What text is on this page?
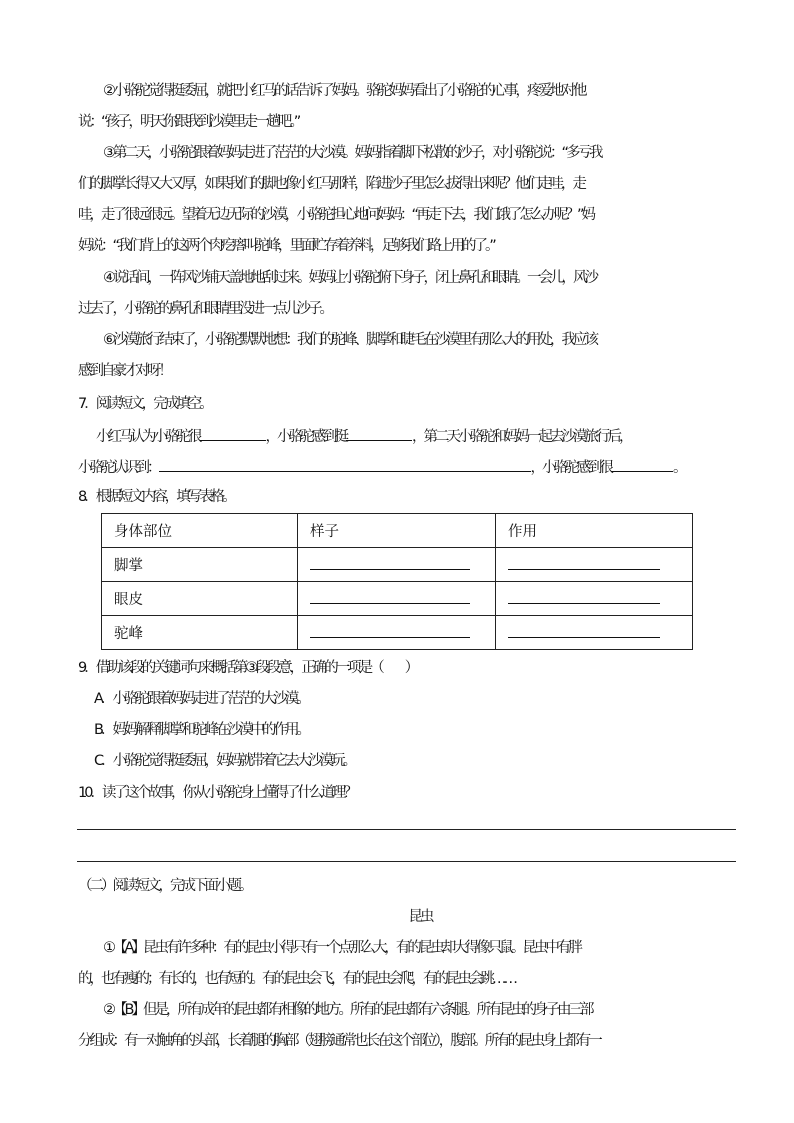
②小骆驼觉得挺委屈，就把小红马的话告诉了妈妈。骆驼妈妈看出了小骆驼的心事，疼爱地对他
说：“孩子，明天你跟我到沙漠里走一趟吧。”
③第二天，小骆驼跟着妈妈走进了茫茫的大沙漠。妈妈指着脚下松散的沙子，对小骆驼说：“多亏我
们的脚掌长得又大又厚，如果我们的脚也像小红马那样，陷进沙子里怎么拔得出来呢？他们走哇，走
哇，走了很远很远。望着无边无际的沙漠，小骆驼担心地问妈妈：“再走下去，我们饿了怎么办呢？”妈
妈说：“我们背上的这两个肉疙瘩叫驼峰，里面贮存着养料，足够我们路上用的了。”
④说话间，一阵风沙铺天盖地地刮过来。妈妈让小骆驼俯下身子，闭上鼻孔和眼睛。一会儿，风沙
过去了，小骆驼的鼻孔和眼睛里没进一点儿沙子。
⑥沙漠旅行结束了，小骆驼默默地想：我们的驼峰、脚掌和睫毛在沙漠里有那么大的用处，我应该
感到自豪才对呀！
7．阅读短文，完成填空。
小红马认为小骆驼很	，小骆驼感到挺	，第二天小骆驼和妈妈一起去沙漠旅行后，
小骆驼认识到：	，小骆驼感到很	。
8．根据短文内容，填写表格。
身体部位	样子	作用
脚掌	

眼皮	

驼峰	

9．借助该段的关键词句来概括第③段段意，正确的一项是（　　）
A．小骆驼跟着妈妈走进了茫茫的大沙漠。
B．妈妈解释脚掌和驼峰在沙漠中的作用。
C．小骆驼觉得挺委屈，妈妈就带着它去大沙漠玩。
10．读了这个故事，你从小骆驼身上懂得了什么道理？
（二）阅读短文，完成下面小题。
昆虫
①【A】昆虫有许多种：有的昆虫小得只有一个点那么大，有的昆虫却大得像只鼠。昆虫中有胖
的，也有瘦的；有长的，也有短的。有的昆虫会飞，有的昆虫会爬，有的昆虫会跳……
②【B】但是，所有成年的昆虫都有相像的地方。所有的昆虫都有六条腿。所有昆虫的身子由三部
分组成：有一对触角的头部，长着腿的胸部（翅膀通常也长在这个部位），腹部。所有的昆虫身上都有一
